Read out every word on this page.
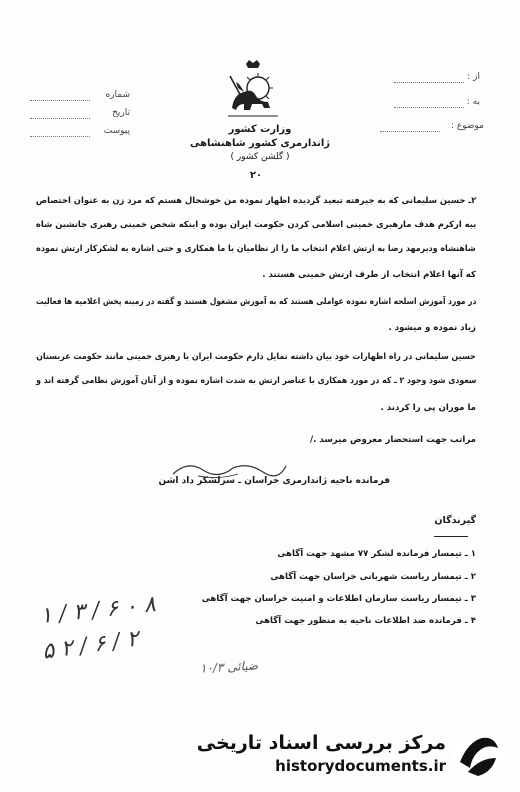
از :
به :
موضوع :
شماره
تاریخ
پیوست	وزارت کشور
ژاندارمری کشور شاهنشاهی
( گلشن کشور )
۲۰
۲ـ حسین سلیمانی که به جیرفته تبعید گردیده اظهار نموده من خوشحال هستم که مرد زن به عنوان اختصاص
بیه ارکرم هدف مارهبری خمینی اسلامی کردن حکومت ایران بوده و اینکه شخص خمینی رهبری جانشین شاه
شاهنشاه ودیرمهد رضا به ارتش اعلام انتخاب ما را از نظامیان با ما همکاری و حتی اشاره به لشکرکار ارتش نموده
که آنها اعلام انتخاب از طرف ارتش خمینی هستند .
در مورد آموزش اسلحه اشاره نموده عواملی هستند که به آموزش مشغول هستند و گفته در زمینه پخش اعلامیه ها فعالیت
زیاد نموده و میشود .
حسین سلیمانی در راه اظهارات خود بیان داشته تمایل دارم حکومت ایران با رهبری خمینی مانند حکومت عربستان
سعودی شود وجود ۲ ـ که در مورد همکاری با عناصر ارتش به شدت اشاره نموده و از آنان آموزش نظامی گرفته اند و
ما موران پی را کردند .
مراتب جهت استحضار معروض میرسد ./
فرمانده ناحیه ژاندارمری خراسان ـ سرلشکر داد اشن
گیرندگان
۱ ـ تیمسار فرمانده لشکر ۷۷ مشهد جهت آگاهی
۲ ـ تیمسار ریاست شهربانی خراسان جهت آگاهی
۳ ـ تیمسار ریاست سازمان اطلاعات و امنیت خراسان جهت آگاهی
۴ ـ فرمانده ضد اطلاعات ناحیه به منظور جهت آگاهی
۱ / ۳ / ۶ ۰ ۸
۵ ۲ / ۶ / ۲
ضیائی ۱۰/۳
مرکز بررسی اسناد تاریخی
historydocuments.ir
